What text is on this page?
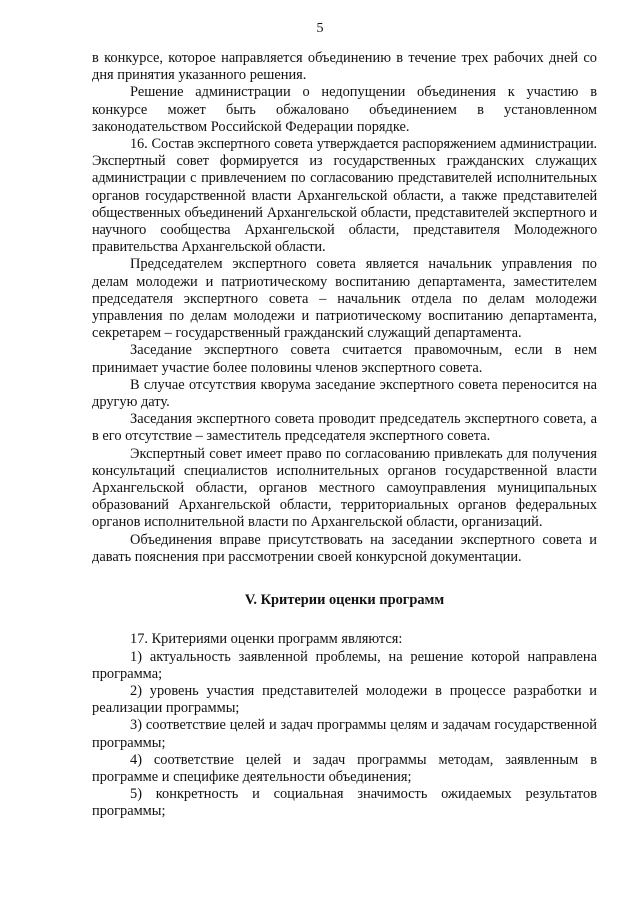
5

в конкурсе, которое направляется объединению в течение трех рабочих дней со дня принятия указанного решения.

Решение администрации о недопущении объединения к участию в конкурсе может быть обжаловано объединением в установленном законодательством Российской Федерации порядке.

16. Состав экспертного совета утверждается распоряжением администрации. Экспертный совет формируется из государственных гражданских служащих администрации с привлечением по согласованию представителей исполнительных органов государственной власти Архангельской области, а также представителей общественных объединений Архангельской области, представителей экспертного и научного сообщества Архангельской области, представителя Молодежного правительства Архангельской области.

Председателем экспертного совета является начальник управления по делам молодежи и патриотическому воспитанию департамента, заместителем председателя экспертного совета – начальник отдела по делам молодежи управления по делам молодежи и патриотическому воспитанию департамента, секретарем – государственный гражданский служащий департамента.

Заседание экспертного совета считается правомочным, если в нем принимает участие более половины членов экспертного совета.

В случае отсутствия кворума заседание экспертного совета переносится на другую дату.

Заседания экспертного совета проводит председатель экспертного совета, а в его отсутствие – заместитель председателя экспертного совета.

Экспертный совет имеет право по согласованию привлекать для получения консультаций специалистов исполнительных органов государственной власти Архангельской области, органов местного самоуправления муниципальных образований Архангельской области, территориальных органов федеральных органов исполнительной власти по Архангельской области, организаций.

Объединения вправе присутствовать на заседании экспертного совета и давать пояснения при рассмотрении своей конкурсной документации.

V. Критерии оценки программ

17. Критериями оценки программ являются:

1) актуальность заявленной проблемы, на решение которой направлена программа;

2) уровень участия представителей молодежи в процессе разработки и реализации программы;

3) соответствие целей и задач программы целям и задачам государственной программы;

4) соответствие целей и задач программы методам, заявленным в программе и специфике деятельности объединения;

5) конкретность и социальная значимость ожидаемых результатов программы;
